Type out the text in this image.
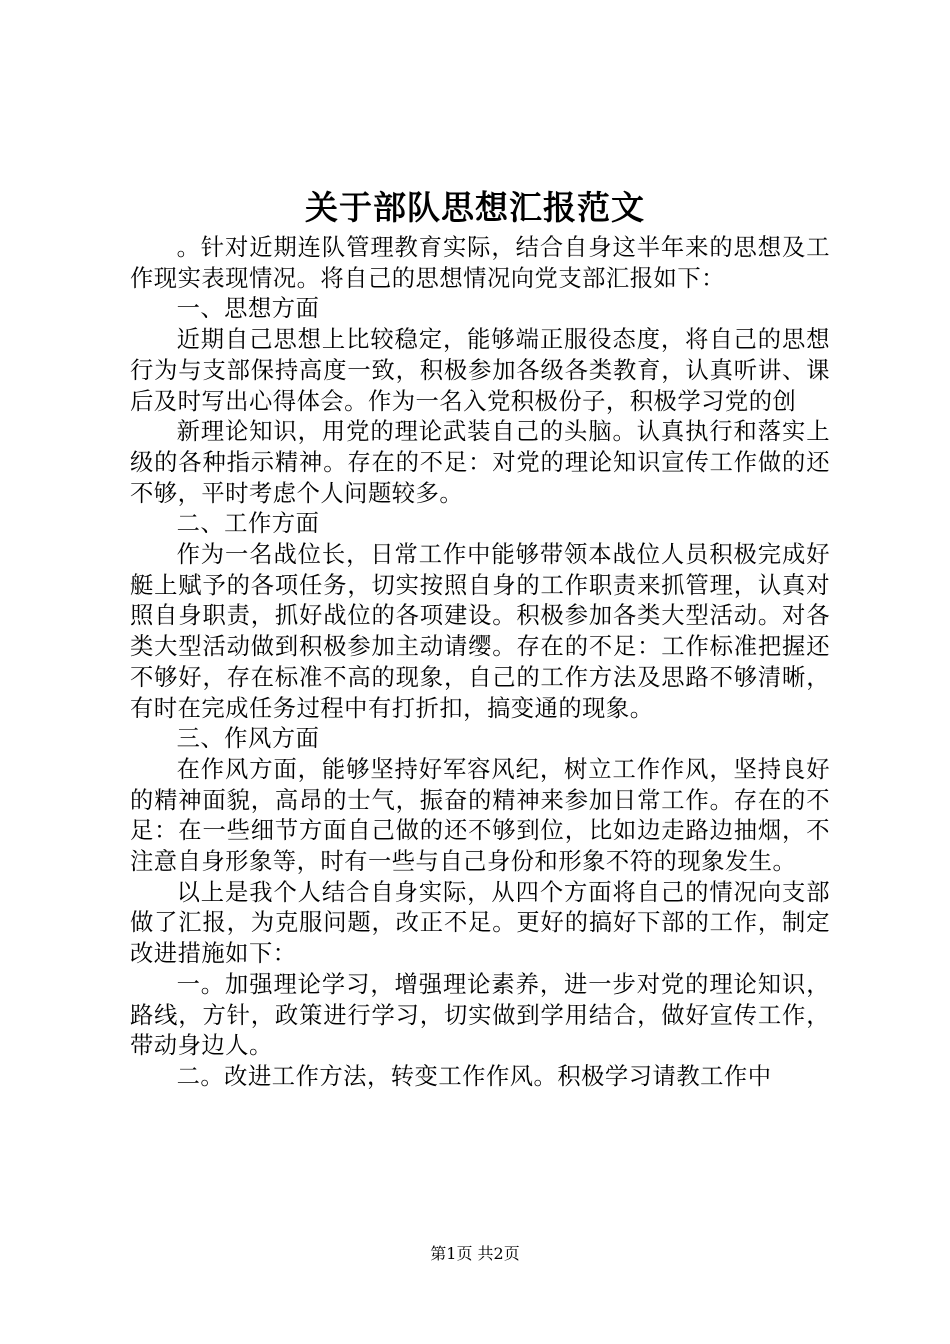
关于部队思想汇报范文

。针对近期连队管理教育实际，结合自身这半年来的思想及工作现实表现情况。将自己的思想情况向党支部汇报如下：

一、思想方面

近期自己思想上比较稳定，能够端正服役态度，将自己的思想行为与支部保持高度一致，积极参加各级各类教育，认真听讲、课后及时写出心得体会。作为一名入党积极份子，积极学习党的创

新理论知识，用党的理论武装自己的头脑。认真执行和落实上级的各种指示精神。存在的不足：对党的理论知识宣传工作做的还不够，平时考虑个人问题较多。

二、工作方面

作为一名战位长，日常工作中能够带领本战位人员积极完成好艇上赋予的各项任务，切实按照自身的工作职责来抓管理，认真对照自身职责，抓好战位的各项建设。积极参加各类大型活动。对各类大型活动做到积极参加主动请缨。存在的不足：工作标准把握还不够好，存在标准不高的现象，自己的工作方法及思路不够清晰，有时在完成任务过程中有打折扣，搞变通的现象。

三、作风方面

在作风方面，能够坚持好军容风纪，树立工作作风，坚持良好的精神面貌，高昂的士气，振奋的精神来参加日常工作。存在的不足：在一些细节方面自己做的还不够到位，比如边走路边抽烟，不注意自身形象等，时有一些与自己身份和形象不符的现象发生。

以上是我个人结合自身实际，从四个方面将自己的情况向支部做了汇报，为克服问题，改正不足。更好的搞好下部的工作，制定改进措施如下：

一。加强理论学习，增强理论素养，进一步对党的理论知识，路线，方针，政策进行学习，切实做到学用结合，做好宣传工作，带动身边人。

二。改进工作方法，转变工作作风。积极学习请教工作中

第1页 共2页
